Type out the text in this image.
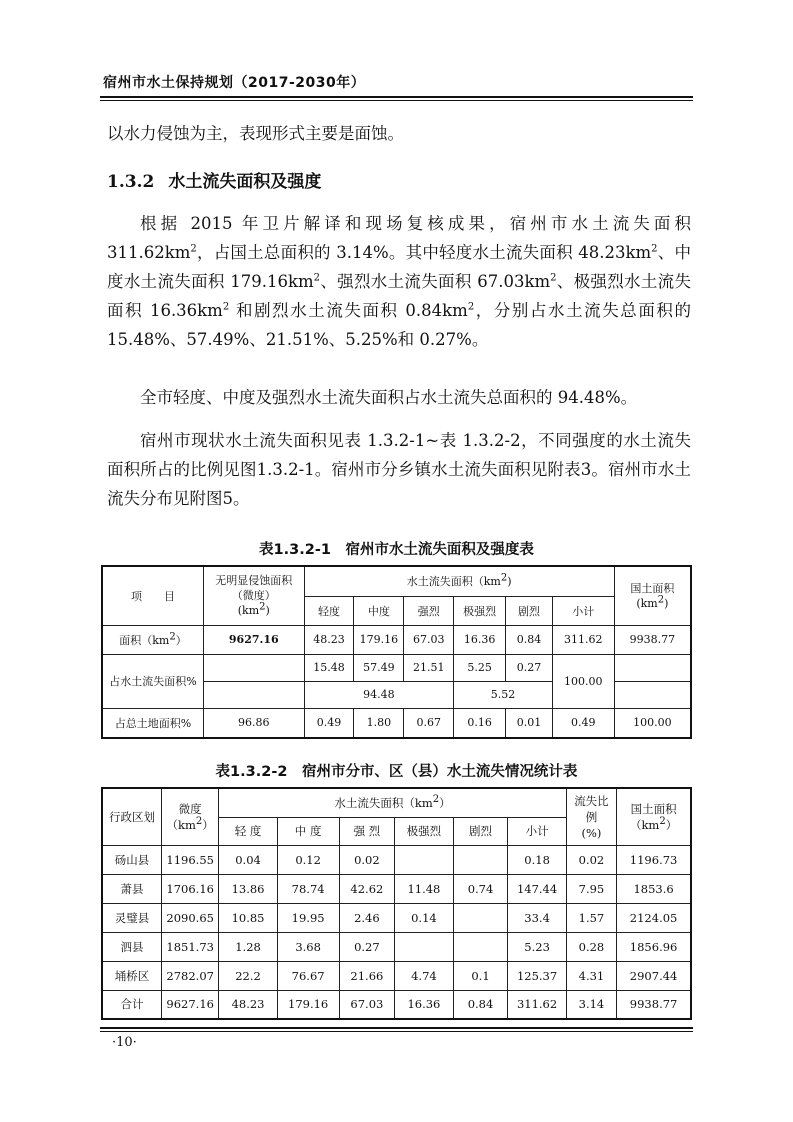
宿州市水土保持规划（2017-2030年）

以水力侵蚀为主，表现形式主要是面蚀。

1.3.2 水土流失面积及强度

根据 2015 年卫片解译和现场复核成果，宿州市水土流失面积 $311.62km^2$，占国土总面积的 3.14%。其中轻度水土流失面积 $48.23km^2$、中度水土流失面积 $179.16km^2$、强烈水土流失面积 $67.03km^2$、极强烈水土流失面积 $16.36km^2$ 和剧烈水土流失面积 $0.84km^2$，分别占水土流失总面积的 15.48%、57.49%、21.51%、5.25%和 0.27%。

全市轻度、中度及强烈水土流失面积占水土流失总面积的 94.48%。

宿州市现状水土流失面积见表 1.3.2-1~表 1.3.2-2，不同强度的水土流失面积所占的比例见图1.3.2-1。宿州市分乡镇水土流失面积见附表3。宿州市水土流失分布见附图5。

表1.3.2-1　宿州市水土流失面积及强度表
项　　目	无明显侵蚀面积
（微度）
$(km^2)$	水土流失面积$(km^2)$						国土面积
$(km^2)$
		轻度	中度	强烈	极强烈	剧烈	小计	
面积$(km^2)$	9627.16	48.23	179.16	67.03	16.36	0.84	311.62	9938.77
占水土流失面积%		15.48	57.49	21.51	5.25	0.27	100.00	
		94.48			5.52			
占总土地面积%	96.86	0.49	1.80	0.67	0.16	0.01	0.49	100.00
表1.3.2-2　宿州市分市、区（县）水土流失情况统计表
行政区划	微度
$(km^2)$	水土流失面积$(km^2)$						流失比例
(%)	国土面积
$(km^2)$
		轻 度	中 度	强 烈	极强烈	剧烈	小计		
砀山县	1196.55	0.04	0.12	0.02			0.18	0.02	1196.73
萧县	1706.16	13.86	78.74	42.62	11.48	0.74	147.44	7.95	1853.6
灵璧县	2090.65	10.85	19.95	2.46	0.14		33.4	1.57	2124.05
泗县	1851.73	1.28	3.68	0.27			5.23	0.28	1856.96
埇桥区	2782.07	22.2	76.67	21.66	4.74	0.1	125.37	4.31	2907.44
合计	9627.16	48.23	179.16	67.03	16.36	0.84	311.62	3.14	9938.77
·10·
